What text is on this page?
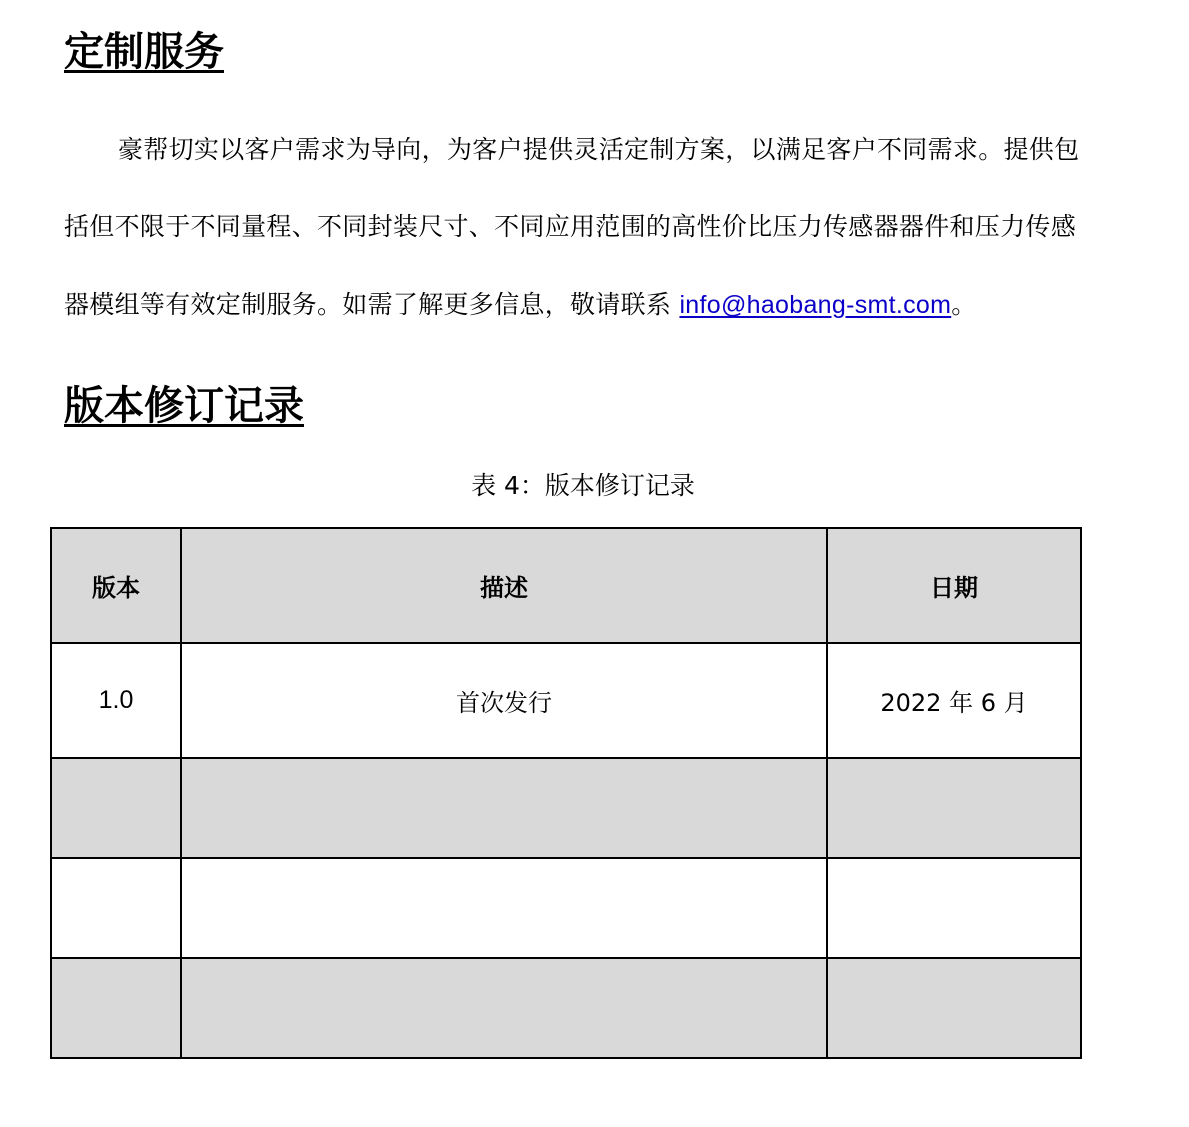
定制服务
豪帮切实以客户需求为导向，为客户提供灵活定制方案，以满足客户不同需求。提供包
括但不限于不同量程、不同封装尺寸、不同应用范围的高性价比压力传感器器件和压力传感
器模组等有效定制服务。如需了解更多信息，敬请联系 info@haobang-smt.com。
版本修订记录
表 4：版本修订记录
版本	描述	日期
1.0	首次发行	2022 年 6 月
